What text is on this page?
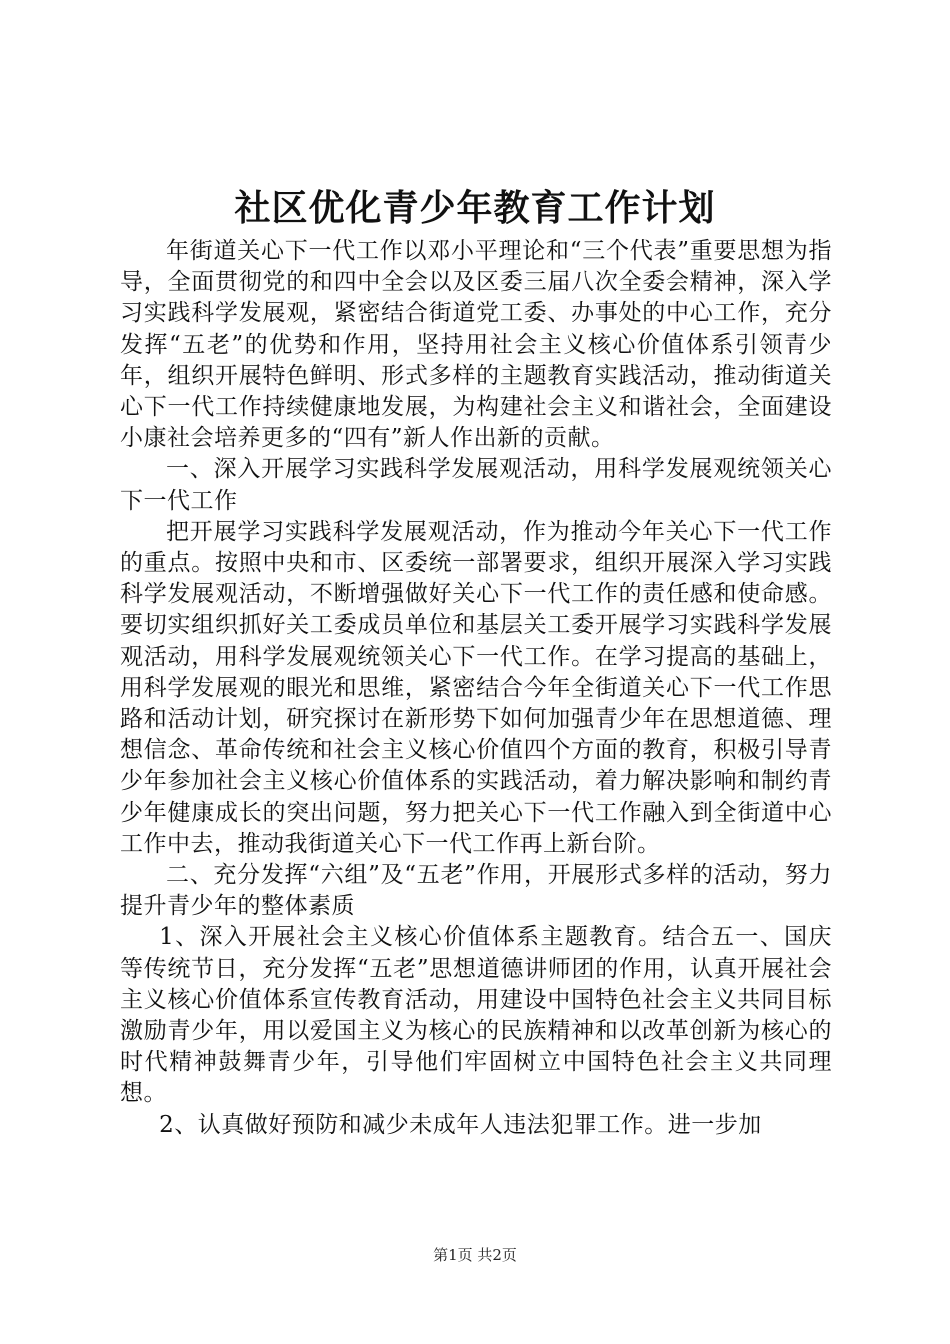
社区优化青少年教育工作计划

年街道关心下一代工作以邓小平理论和“三个代表”重要思想为指导，全面贯彻党的和四中全会以及区委三届八次全委会精神，深入学习实践科学发展观，紧密结合街道党工委、办事处的中心工作，充分发挥“五老”的优势和作用，坚持用社会主义核心价值体系引领青少年，组织开展特色鲜明、形式多样的主题教育实践活动，推动街道关心下一代工作持续健康地发展，为构建社会主义和谐社会，全面建设小康社会培养更多的“四有”新人作出新的贡献。

一、深入开展学习实践科学发展观活动，用科学发展观统领关心下一代工作

把开展学习实践科学发展观活动，作为推动今年关心下一代工作的重点。按照中央和市、区委统一部署要求，组织开展深入学习实践科学发展观活动，不断增强做好关心下一代工作的责任感和使命感。要切实组织抓好关工委成员单位和基层关工委开展学习实践科学发展观活动，用科学发展观统领关心下一代工作。在学习提高的基础上，用科学发展观的眼光和思维，紧密结合今年全街道关心下一代工作思路和活动计划，研究探讨在新形势下如何加强青少年在思想道德、理想信念、革命传统和社会主义核心价值四个方面的教育，积极引导青少年参加社会主义核心价值体系的实践活动，着力解决影响和制约青少年健康成长的突出问题，努力把关心下一代工作融入到全街道中心工作中去，推动我街道关心下一代工作再上新台阶。

二、充分发挥“六组”及“五老”作用，开展形式多样的活动，努力提升青少年的整体素质

1、深入开展社会主义核心价值体系主题教育。结合五一、国庆等传统节日，充分发挥“五老”思想道德讲师团的作用，认真开展社会主义核心价值体系宣传教育活动，用建设中国特色社会主义共同目标激励青少年，用以爱国主义为核心的民族精神和以改革创新为核心的时代精神鼓舞青少年，引导他们牢固树立中国特色社会主义共同理想。

2、认真做好预防和减少未成年人违法犯罪工作。进一步加

第1页 共2页
